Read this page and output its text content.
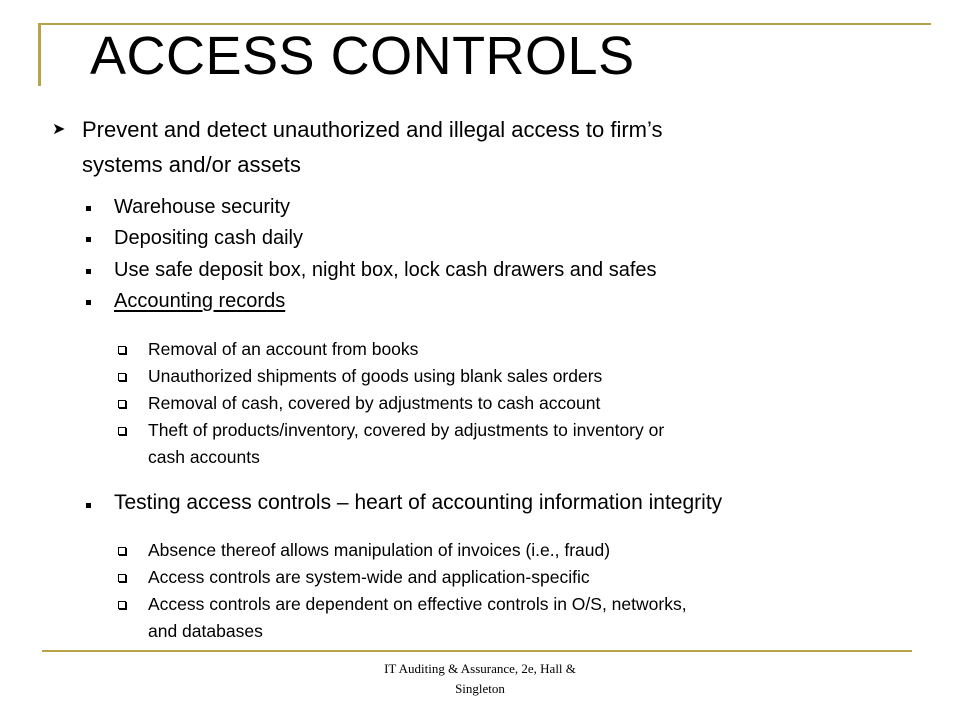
ACCESS CONTROLS
➤ Prevent and detect unauthorized and illegal access to firm’s
systems and/or assets
Warehouse security
Depositing cash daily
Use safe deposit box, night box, lock cash drawers and safes
Accounting records
Removal of an account from books
Unauthorized shipments of goods using blank sales orders
Removal of cash, covered by adjustments to cash account
Theft of products/inventory, covered by adjustments to inventory or
cash accounts
Testing access controls – heart of accounting information integrity
Absence thereof allows manipulation of invoices (i.e., fraud)
Access controls are system-wide and application-specific
Access controls are dependent on effective controls in O/S, networks,
and databases
IT Auditing & Assurance, 2e, Hall &
Singleton
